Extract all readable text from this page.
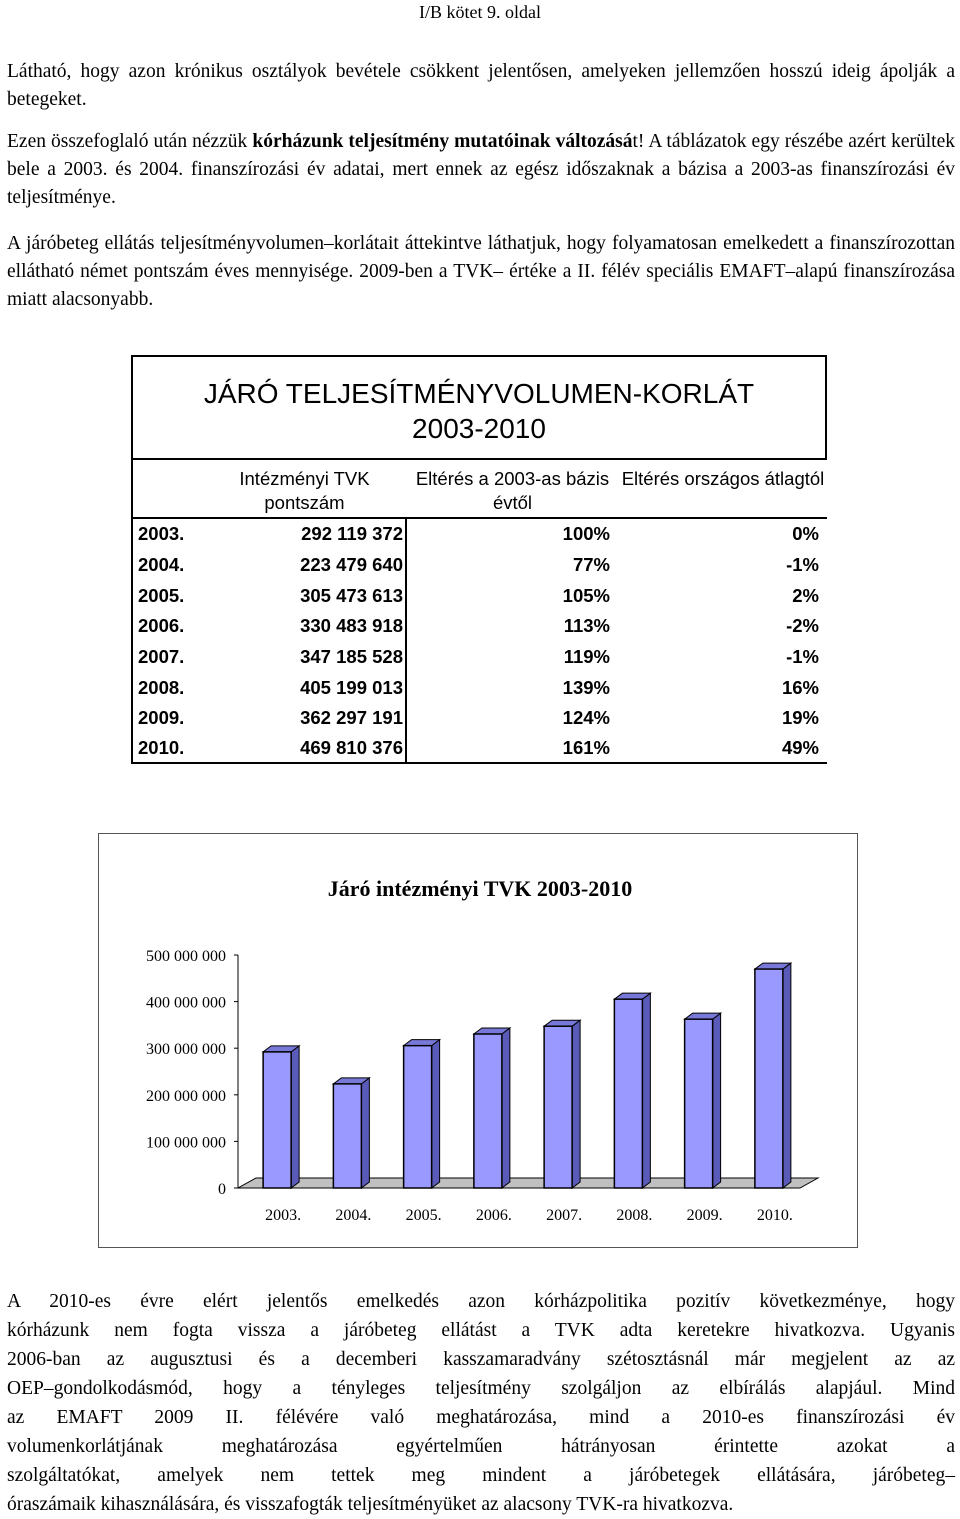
I/B kötet 9. oldal
Látható, hogy azon krónikus osztályok bevétele csökkent jelentősen, amelyeken jellemzően hosszú ideig ápolják a betegeket.
Ezen összefoglaló után nézzük kórházunk teljesítmény mutatóinak változását! A táblázatok egy részébe azért kerültek bele a 2003. és 2004. finanszírozási év adatai, mert ennek az egész időszaknak a bázisa a 2003-as finanszírozási év teljesítménye.
A járóbeteg ellátás teljesítményvolumen–korlátait áttekintve láthatjuk, hogy folyamatosan emelkedett a finanszírozottan ellátható német pontszám éves mennyisége. 2009-ben a TVK– értéke a II. félév speciális EMAFT–alapú finanszírozása miatt alacsonyabb.
JÁRÓ TELJESÍTMÉNYVOLUMEN-KORLÁT
2003-2010
Intézményi TVK pontszám
Eltérés a 2003-as bázis évtől
Eltérés országos átlagtól
2003.	292 119 372	100%	0%
2004.	223 479 640	77%	-1%
2005.	305 473 613	105%	2%
2006.	330 483 918	113%	-2%
2007.	347 185 528	119%	-1%
2008.	405 199 013	139%	16%
2009.	362 297 191	124%	19%
2010.	469 810 376	161%	49%
Járó intézményi TVK 2003-2010
0
100 000 000
200 000 000
300 000 000
400 000 000
500 000 000
2003. 2004. 2005. 2006. 2007. 2008. 2009. 2010.
A 2010-es évre elért jelentős emelkedés azon kórházpolitika pozitív következménye, hogy
kórházunk nem fogta vissza a járóbeteg ellátást a TVK adta keretekre hivatkozva. Ugyanis
2006-ban az augusztusi és a decemberi kasszamaradvány szétosztásnál már megjelent az az
OEP–gondolkodásmód, hogy a tényleges teljesítmény szolgáljon az elbírálás alapjául. Mind
az EMAFT 2009 II. félévére való meghatározása, mind a 2010-es finanszírozási év
volumenkorlátjának meghatározása egyértelműen hátrányosan érintette azokat a
szolgáltatókat, amelyek nem tettek meg mindent a járóbetegek ellátására, járóbeteg–
óraszámaik kihasználására, és visszafogták teljesítményüket az alacsony TVK-ra hivatkozva.
